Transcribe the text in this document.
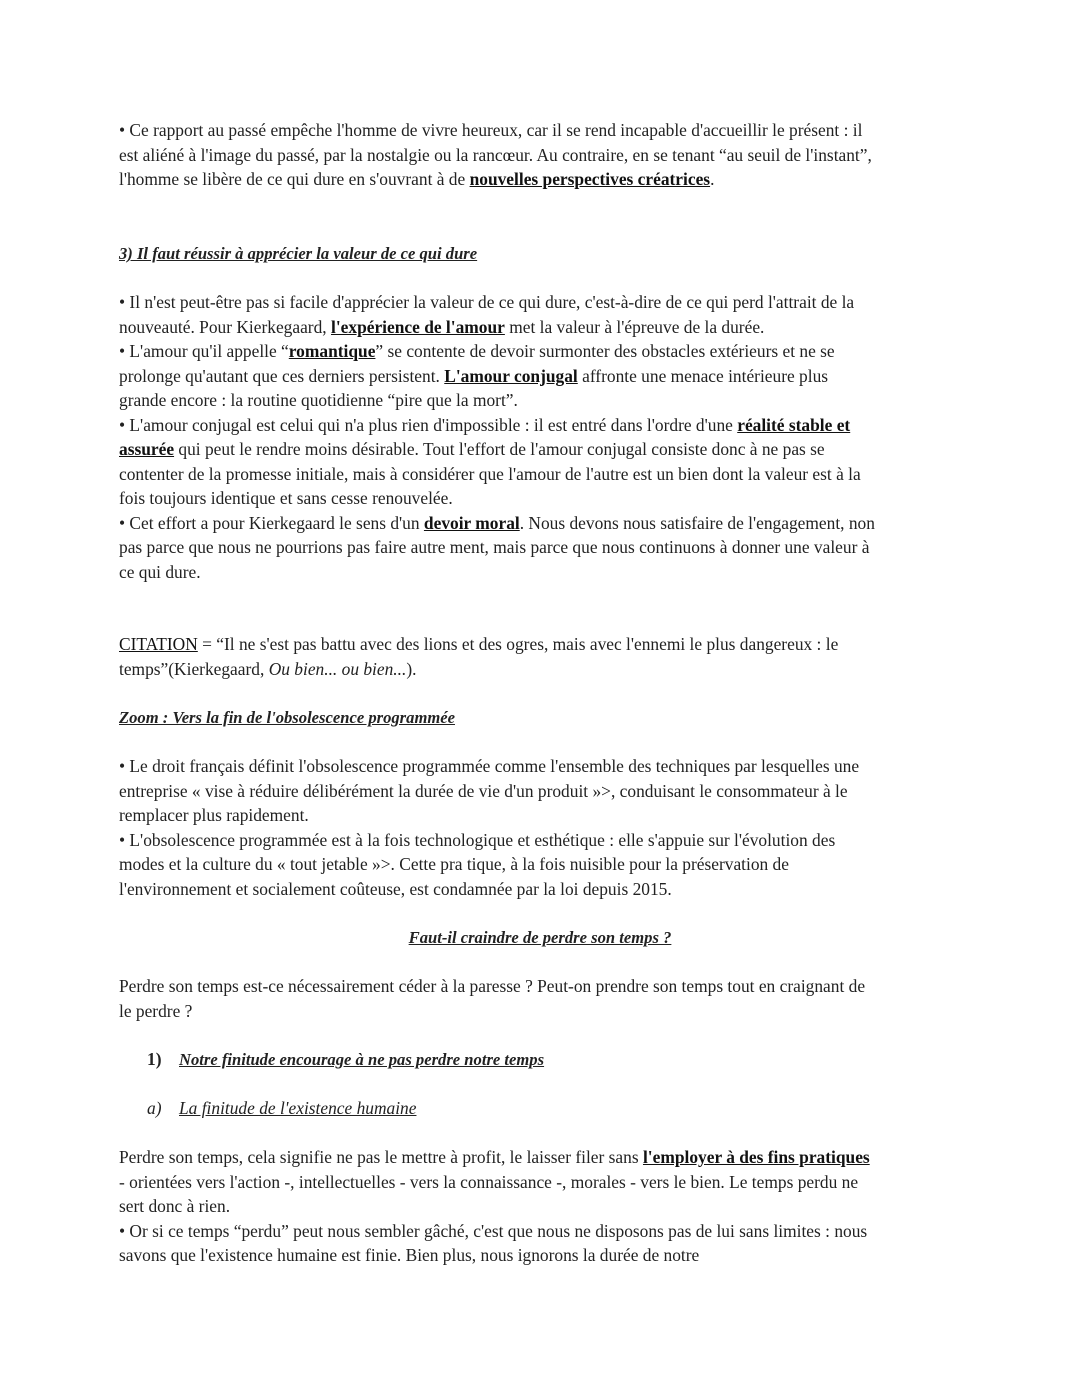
• Ce rapport au passé empêche l'homme de vivre heureux, car il se rend incapable d'accueillir le présent : il est aliéné à l'image du passé, par la nostalgie ou la rancœur. Au contraire, en se tenant “au seuil de l'instant”, l'homme se libère de ce qui dure en s'ouvrant à de nouvelles perspectives créatrices.

3) Il faut réussir à apprécier la valeur de ce qui dure

• Il n'est peut-être pas si facile d'apprécier la valeur de ce qui dure, c'est-à-dire de ce qui perd l'attrait de la nouveauté. Pour Kierkegaard, l'expérience de l'amour met la valeur à l'épreuve de la durée.

• L'amour qu'il appelle “romantique” se contente de devoir surmonter des obstacles extérieurs et ne se prolonge qu'autant que ces derniers persistent. L'amour conjugal affronte une menace intérieure plus grande encore : la routine quotidienne “pire que la mort”.

• L'amour conjugal est celui qui n'a plus rien d'impossible : il est entré dans l'ordre d'une réalité stable et assurée qui peut le rendre moins désirable. Tout l'effort de l'amour conjugal consiste donc à ne pas se contenter de la promesse initiale, mais à considérer que l'amour de l'autre est un bien dont la valeur est à la fois toujours identique et sans cesse renouvelée.

• Cet effort a pour Kierkegaard le sens d'un devoir moral. Nous devons nous satisfaire de l'engagement, non pas parce que nous ne pourrions pas faire autre ment, mais parce que nous continuons à donner une valeur à ce qui dure.

CITATION = “Il ne s'est pas battu avec des lions et des ogres, mais avec l'ennemi le plus dangereux : le temps”(Kierkegaard, Ou bien... ou bien...).

Zoom : Vers la fin de l'obsolescence programmée

• Le droit français définit l'obsolescence programmée comme l'ensemble des techniques par lesquelles une entreprise « vise à réduire délibérément la durée de vie d'un produit »>, conduisant le consommateur à le remplacer plus rapidement.

• L'obsolescence programmée est à la fois technologique et esthétique : elle s'appuie sur l'évolution des modes et la culture du « tout jetable »>. Cette pra tique, à la fois nuisible pour la préservation de l'environnement et socialement coûteuse, est condamnée par la loi depuis 2015.

Faut-il craindre de perdre son temps ?

Perdre son temps est-ce nécessairement céder à la paresse ? Peut-on prendre son temps tout en craignant de le perdre ?

1) Notre finitude encourage à ne pas perdre notre temps
a) La finitude de l'existence humaine

Perdre son temps, cela signifie ne pas le mettre à profit, le laisser filer sans l'employer à des fins pratiques - orientées vers l'action -, intellectuelles - vers la connaissance -, morales - vers le bien. Le temps perdu ne sert donc à rien.

• Or si ce temps “perdu” peut nous sembler gâché, c'est que nous ne disposons pas de lui sans limites : nous savons que l'existence humaine est finie. Bien plus, nous ignorons la durée de notre
